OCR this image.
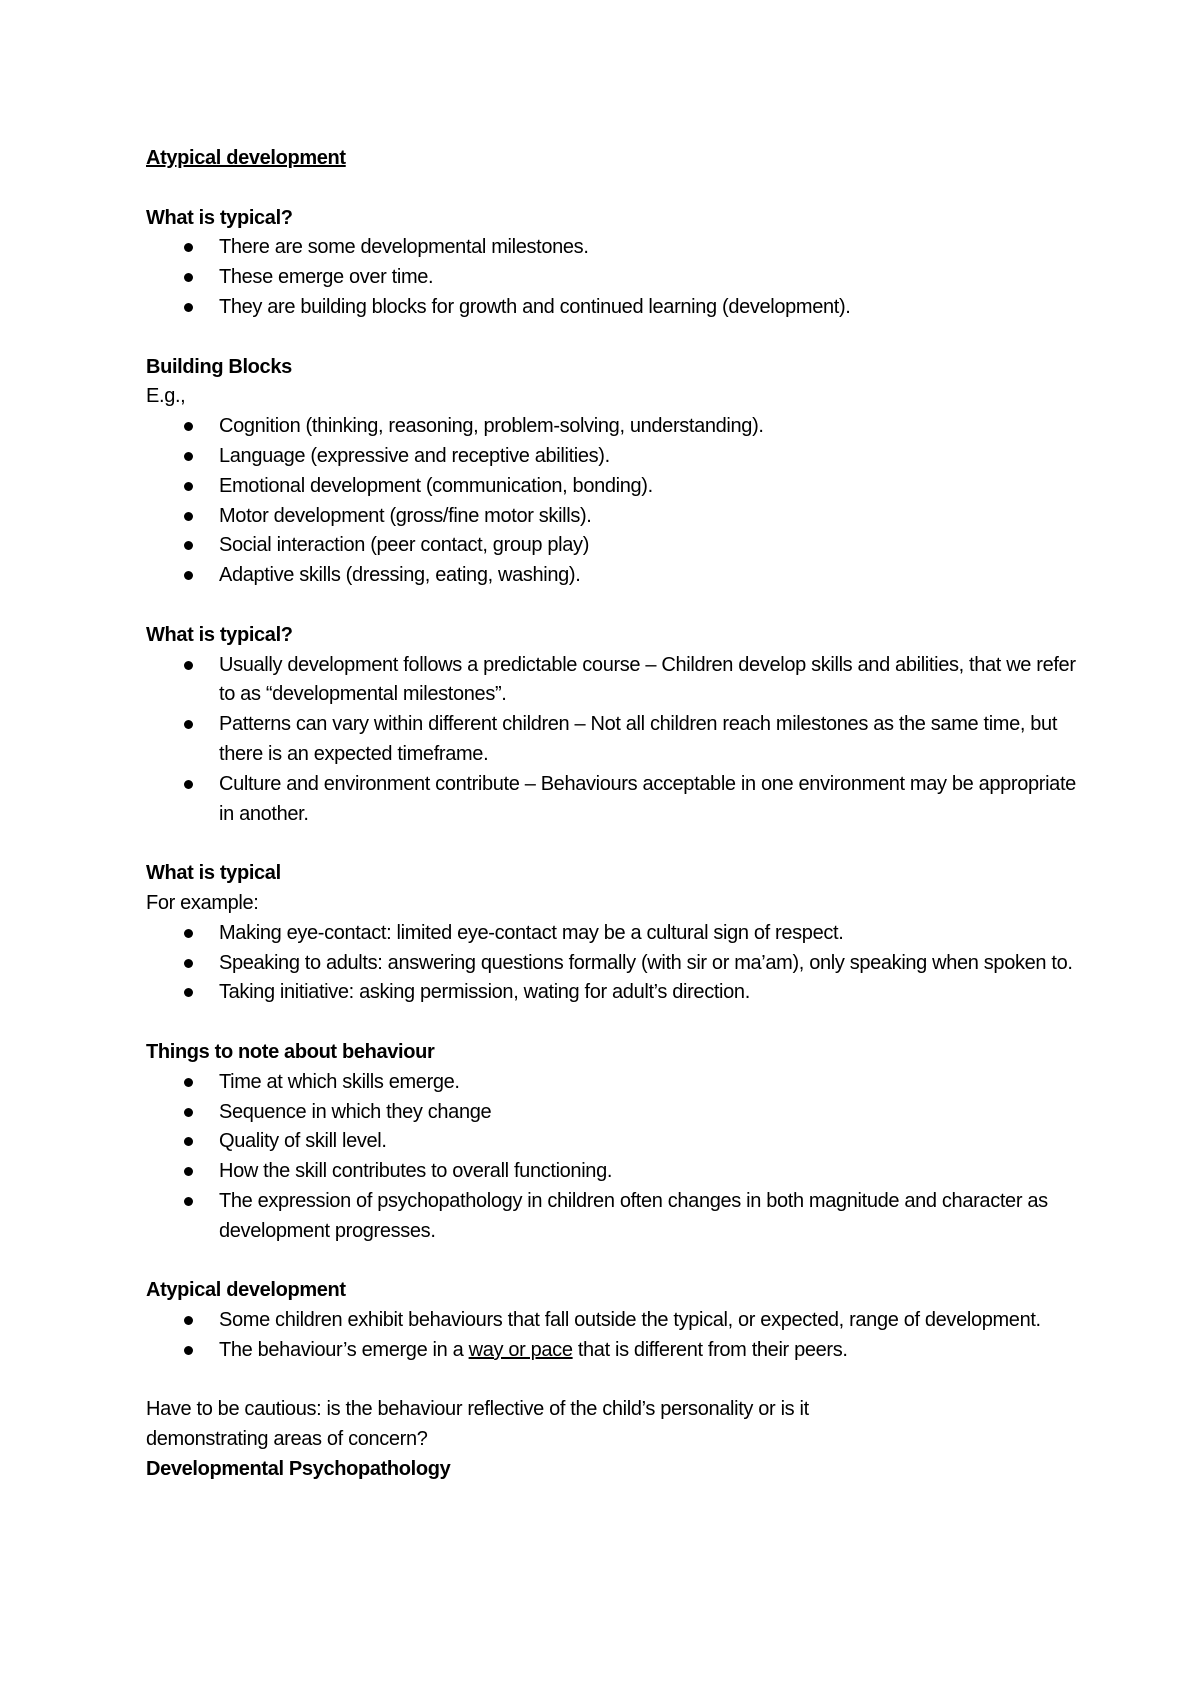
Atypical development

What is typical?

There are some developmental milestones.
These emerge over time.
They are building blocks for growth and continued learning (development).

Building Blocks

E.g.,

Cognition (thinking, reasoning, problem-solving, understanding).
Language (expressive and receptive abilities).
Emotional development (communication, bonding).
Motor development (gross/fine motor skills).
Social interaction (peer contact, group play)
Adaptive skills (dressing, eating, washing).

What is typical?

Usually development follows a predictable course – Children develop skills and abilities, that we refer to as “developmental milestones”.
Patterns can vary within different children – Not all children reach milestones as the same time, but there is an expected timeframe.
Culture and environment contribute – Behaviours acceptable in one environment may be appropriate in another.

What is typical

For example:

Making eye-contact: limited eye-contact may be a cultural sign of respect.
Speaking to adults: answering questions formally (with sir or ma’am), only speaking when spoken to.
Taking initiative: asking permission, wating for adult’s direction.

Things to note about behaviour

Time at which skills emerge.
Sequence in which they change
Quality of skill level.
How the skill contributes to overall functioning.
The expression of psychopathology in children often changes in both magnitude and character as development progresses.

Atypical development

Some children exhibit behaviours that fall outside the typical, or expected, range of development.
The behaviour’s emerge in a way or pace that is different from their peers.

Have to be cautious: is the behaviour reflective of the child’s personality or is it demonstrating areas of concern?

Developmental Psychopathology
